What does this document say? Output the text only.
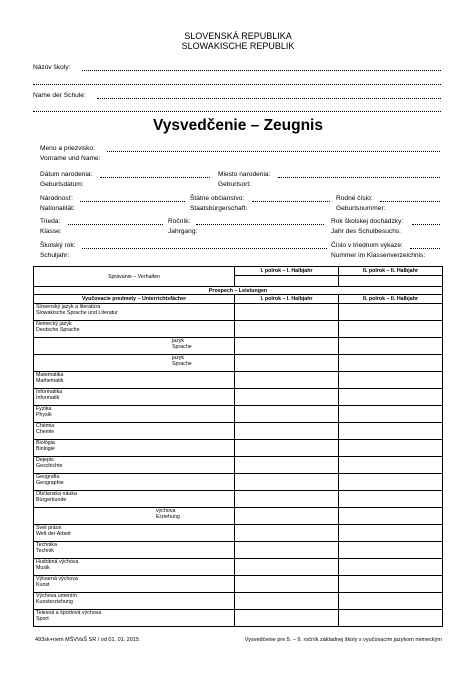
SLOVENSKÁ REPUBLIKA
SLOWAKISCHE REPUBLIK
Názov školy:
Name der Schule:
Vysvedčenie – Zeugnis
Meno a priezvisko:
Vorname und Name:
Dátum narodenia:	Miesto narodenia:
Geburtsdatum:	Geburtsort:
Národnosť:	Štátne občianstvo:	Rodné číslo:
Nationalität:	Staatsbürgerschaft:	Geburtsnummer:
Trieda:	Ročník:	Rok školskej dochádzky:
Klasse:	Jahrgang:	Jahr des Schulbesuchs:
Školský rok:	Číslo v triednom výkaze:
Schuljahr:	Nummer im Klassenverzeichnis:
Správanie – Verhalten	I. polrok – I. Halbjahr	II. polrok – II. Halbjahr

Prospech – Leistungen		
Vyučovacie predmety – Unterrichtsfächer	I. polrok – I. Halbjahr	II. polrok – II. Halbjahr

Slovenský jazyk a literatúra
Slowakische Sprache und Literatur		

Nemecký jazyk
Deutsche Sprache		

jazyk
Sprache		

jazyk
Sprache		

Matematika
Mathematik		

Informatika
Informatik		

Fyzika
Physik		

Chémia
Chemie		

Biológia
Biologie		

Dejepis
Geschichte		

Geografia
Geographie		

Občianska náuka
Bürgerkunde		

výchova
Erziehung		

Svet práce
Welt der Arbeit		

Technika
Technik		

Hudobná výchova
Musik		

Výtvarná výchova
Kunst		

Výchova umením
Kunsterziehung		

Telesná a športová výchova
Sport		

493sk+nem MŠVVaŠ SR / od 01. 01. 2015	Vysvedčenie pre 5. – 9. ročník základnej školy s vyučovacím jazykom nemeckým
